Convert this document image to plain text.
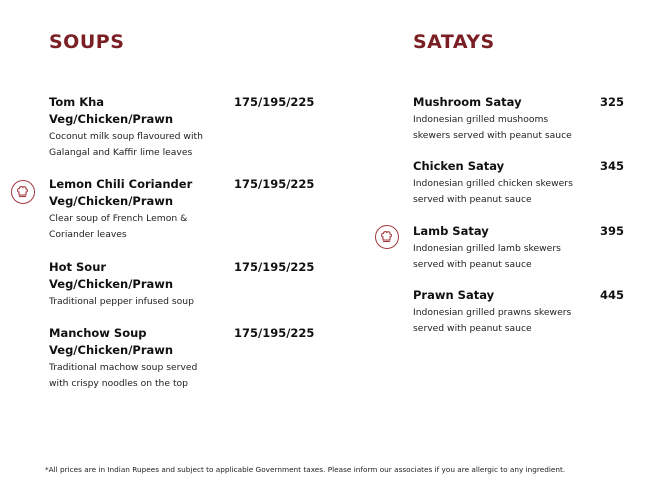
SOUPS	SATAYS
Tom Kha
Veg/Chicken/Prawn
Coconut milk soup flavoured with
Galangal and Kaffir lime leaves
175/195/225
Lemon Chili Coriander
Veg/Chicken/Prawn
Clear soup of French Lemon &
Coriander leaves
175/195/225
Hot Sour
Veg/Chicken/Prawn
Traditional pepper infused soup
175/195/225
Manchow Soup
Veg/Chicken/Prawn
Traditional machow soup served
with crispy noodles on the top
175/195/225
Mushroom Satay
Indonesian grilled mushooms
skewers served with peanut sauce
325
Chicken Satay
Indonesian grilled chicken skewers
served with peanut sauce
345
Lamb Satay
Indonesian grilled lamb skewers
served with peanut sauce
395
Prawn Satay
Indonesian grilled prawns skewers
served with peanut sauce
445
*All prices are in Indian Rupees and subject to applicable Government taxes. Please inform our associates if you are allergic to any ingredient.
